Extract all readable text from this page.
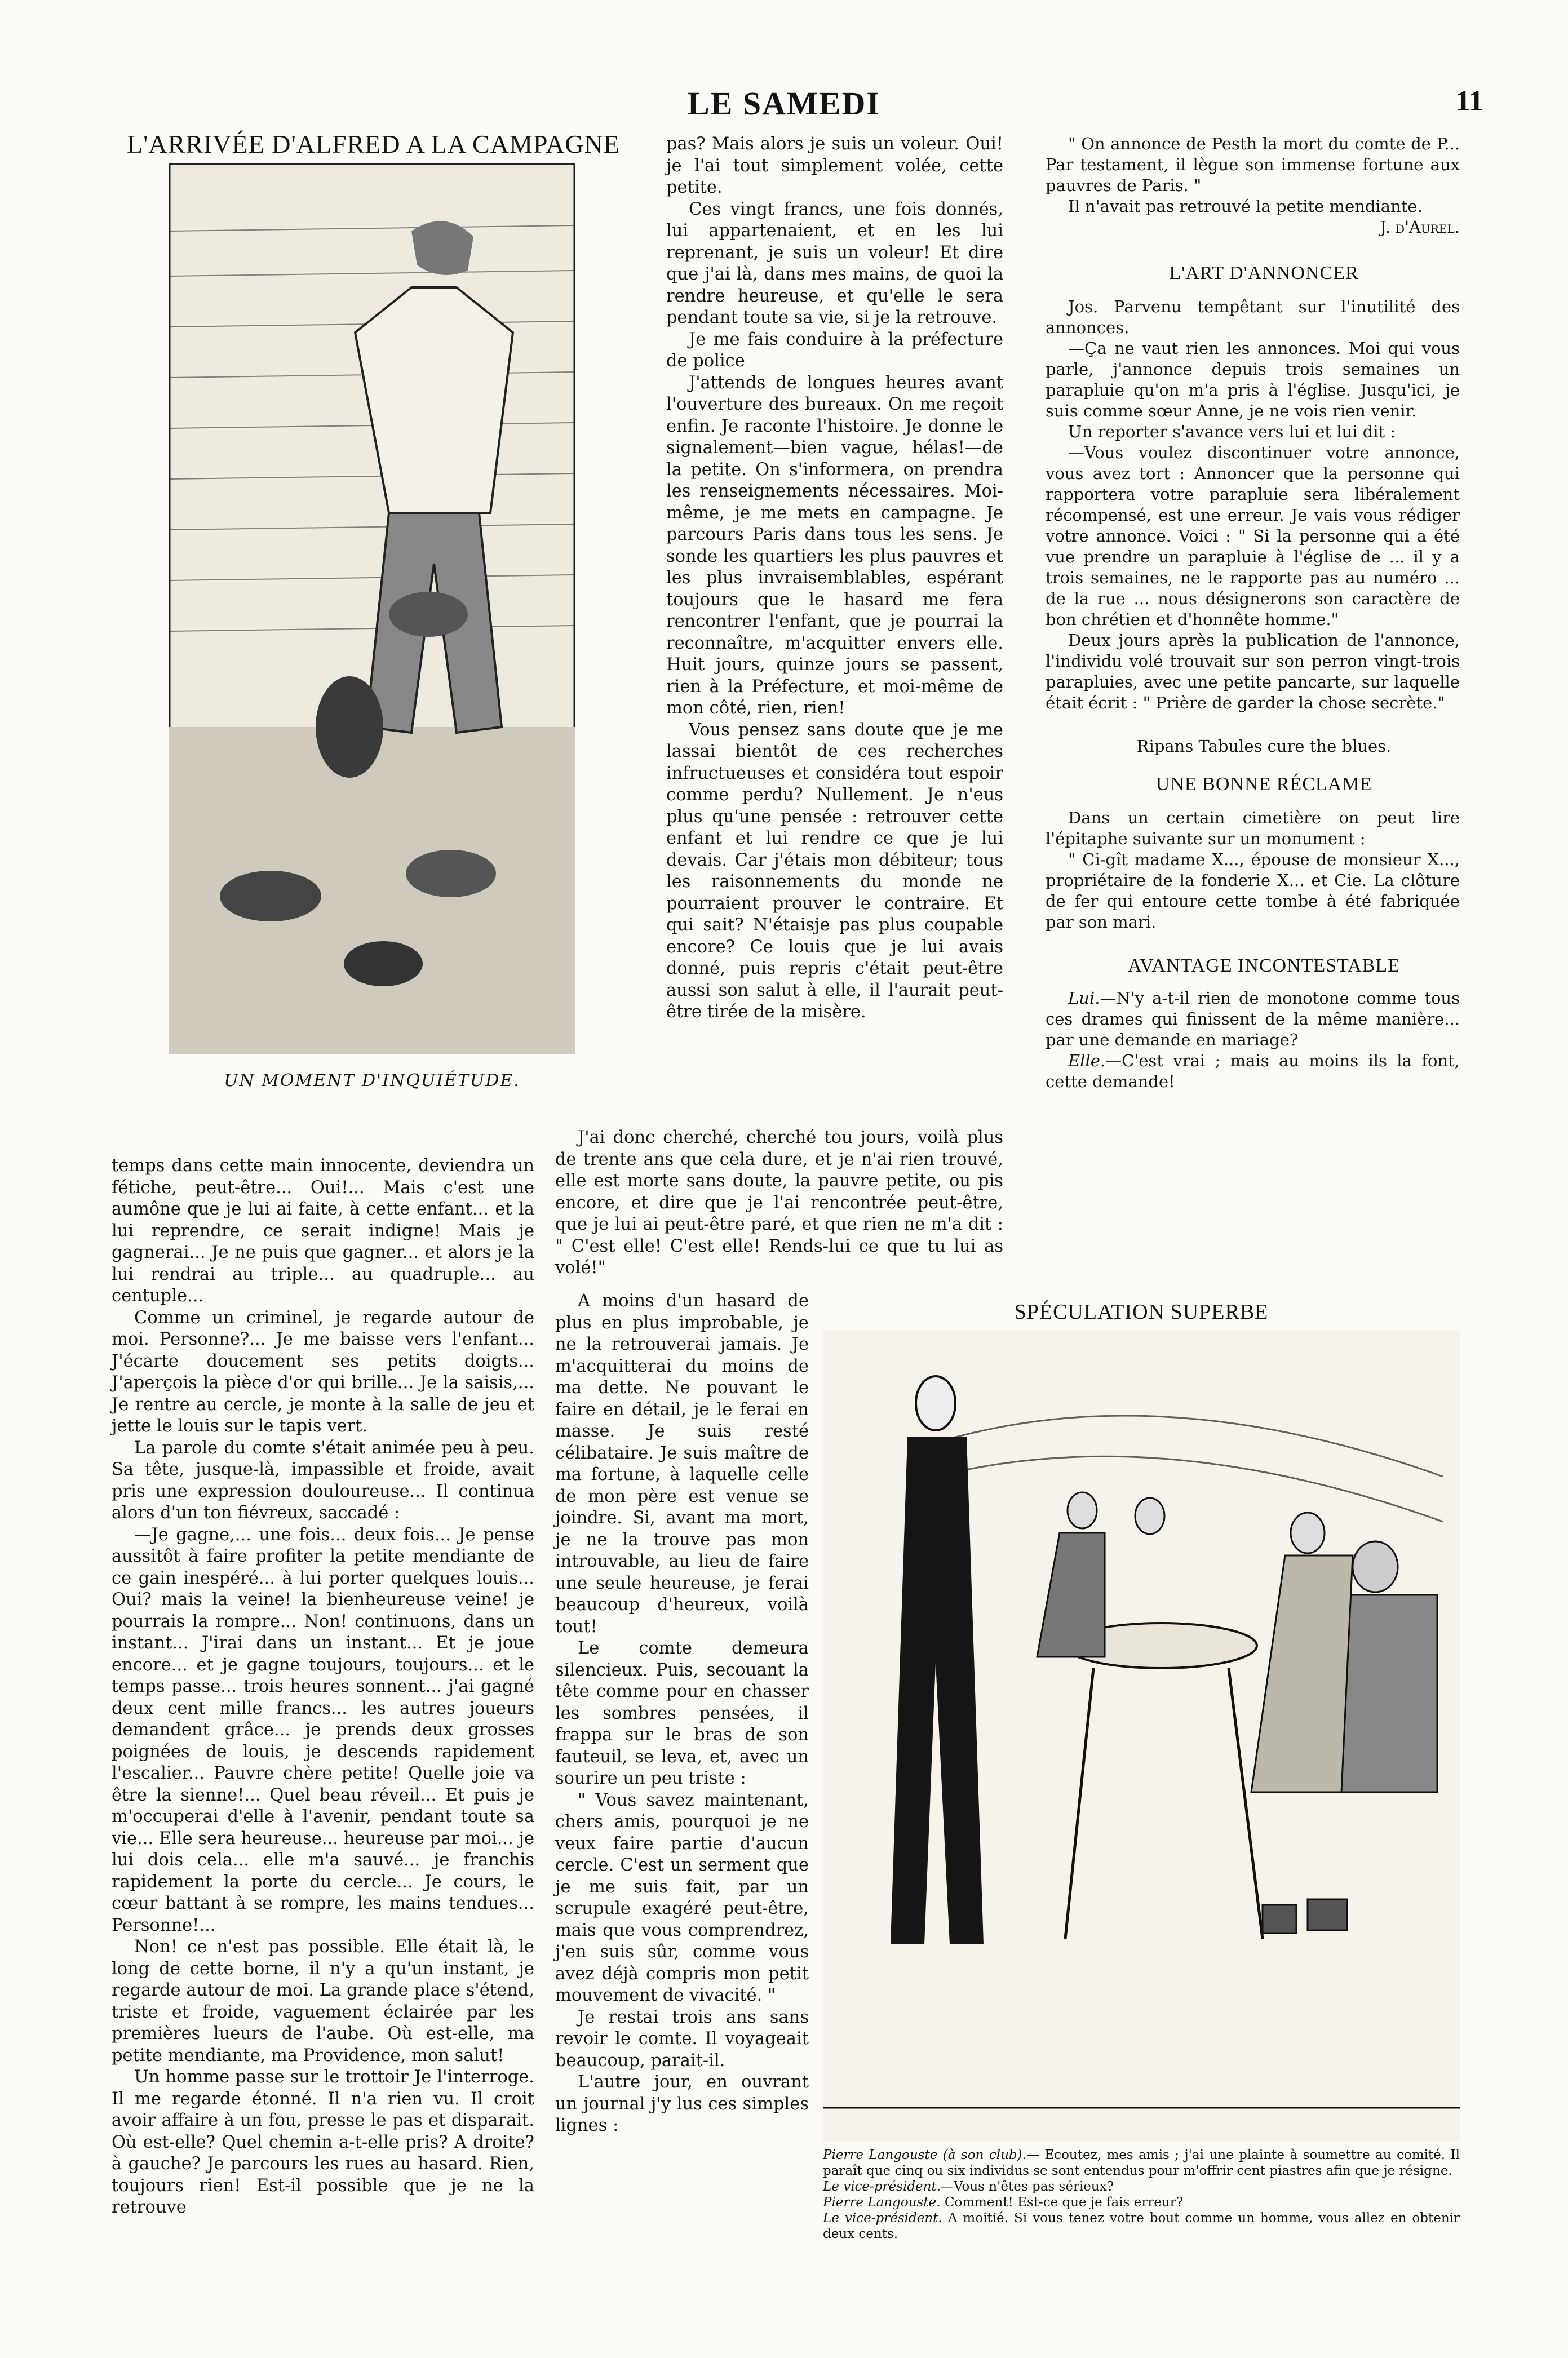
LE SAMEDI	11
L'ARRIVÉE D'ALFRED A LA CAMPAGNE
UN MOMENT D'INQUIÉTUDE.

temps dans cette main innocente, deviendra un fétiche, peut-être... Oui!... Mais c'est une aumône que je lui ai faite, à cette enfant... et la lui reprendre, ce serait indigne! Mais je gagnerai... Je ne puis que gagner... et alors je la lui rendrai au triple... au quadruple... au centuple...

Comme un criminel, je regarde autour de moi. Personne?... Je me baisse vers l'enfant... J'écarte doucement ses petits doigts... J'aperçois la pièce d'or qui brille... Je la saisis,... Je rentre au cercle, je monte à la salle de jeu et jette le louis sur le tapis vert.

La parole du comte s'était animée peu à peu. Sa tête, jusque-là, impassible et froide, avait pris une expression douloureuse... Il continua alors d'un ton fiévreux, saccadé :

—Je gagne,... une fois... deux fois... Je pense aussitôt à faire profiter la petite mendiante de ce gain inespéré... à lui porter quelques louis... Oui? mais la veine! la bienheureuse veine! je pourrais la rompre... Non! continuons, dans un instant... J'irai dans un instant... Et je joue encore... et je gagne toujours, toujours... et le temps passe... trois heures sonnent... j'ai gagné deux cent mille francs... les autres joueurs demandent grâce... je prends deux grosses poignées de louis, je descends rapidement l'escalier... Pauvre chère petite! Quelle joie va être la sienne!... Quel beau réveil... Et puis je m'occuperai d'elle à l'avenir, pendant toute sa vie... Elle sera heureuse... heureuse par moi... je lui dois cela... elle m'a sauvé... je franchis rapidement la porte du cercle... Je cours, le cœur battant à se rompre, les mains tendues... Personne!...

Non! ce n'est pas possible. Elle était là, le long de cette borne, il n'y a qu'un instant, je regarde autour de moi. La grande place s'étend, triste et froide, vaguement éclairée par les premières lueurs de l'aube. Où est-elle, ma petite mendiante, ma Providence, mon salut!

Un homme passe sur le trottoir Je l'interroge. Il me regarde étonné. Il n'a rien vu. Il croit avoir affaire à un fou, presse le pas et disparait. Où est-elle? Quel chemin a-t-elle pris? A droite? à gauche? Je parcours les rues au hasard. Rien, toujours rien! Est-il possible que je ne la retrouve

pas? Mais alors je suis un voleur. Oui! je l'ai tout simplement volée, cette petite.

Ces vingt francs, une fois donnés, lui appartenaient, et en les lui reprenant, je suis un voleur! Et dire que j'ai là, dans mes mains, de quoi la rendre heureuse, et qu'elle le sera pendant toute sa vie, si je la retrouve.

Je me fais conduire à la préfecture de police

J'attends de longues heures avant l'ouverture des bureaux. On me reçoit enfin. Je raconte l'histoire. Je donne le signalement—bien vague, hélas!—de la petite. On s'informera, on prendra les renseignements nécessaires. Moi-même, je me mets en campagne. Je parcours Paris dans tous les sens. Je sonde les quartiers les plus pauvres et les plus invraisemblables, espérant toujours que le hasard me fera rencontrer l'enfant, que je pourrai la reconnaître, m'acquitter envers elle. Huit jours, quinze jours se passent, rien à la Préfecture, et moi-même de mon côté, rien, rien!

Vous pensez sans doute que je me lassai bientôt de ces recherches infructueuses et considéra tout espoir comme perdu? Nullement. Je n'eus plus qu'une pensée : retrouver cette enfant et lui rendre ce que je lui devais. Car j'étais mon débiteur; tous les raisonnements du monde ne pourraient prouver le contraire. Et qui sait? N'étaisje pas plus coupable encore? Ce louis que je lui avais donné, puis repris c'était peut-être aussi son salut à elle, il l'aurait peut-être tirée de la misère.

J'ai donc cherché, cherché tou jours, voilà plus de trente ans que cela dure, et je n'ai rien trouvé, elle est morte sans doute, la pauvre petite, ou pis encore, et dire que je l'ai rencontrée peut-être, que je lui ai peut-être paré, et que rien ne m'a dit : " C'est elle! C'est elle! Rends-lui ce que tu lui as volé!"

A moins d'un hasard de plus en plus improbable, je ne la retrouverai jamais. Je m'acquitterai du moins de ma dette. Ne pouvant le faire en détail, je le ferai en masse. Je suis resté célibataire. Je suis maître de ma fortune, à laquelle celle de mon père est venue se joindre. Si, avant ma mort, je ne la trouve pas mon introuvable, au lieu de faire une seule heureuse, je ferai beaucoup d'heureux, voilà tout!

Le comte demeura silencieux. Puis, secouant la tête comme pour en chasser les sombres pensées, il frappa sur le bras de son fauteuil, se leva, et, avec un sourire un peu triste :

" Vous savez maintenant, chers amis, pourquoi je ne veux faire partie d'aucun cercle. C'est un serment que je me suis fait, par un scrupule exagéré peut-être, mais que vous comprendrez, j'en suis sûr, comme vous avez déjà compris mon petit mouvement de vivacité. "

Je restai trois ans sans revoir le comte. Il voyageait beaucoup, parait-il.

L'autre jour, en ouvrant un journal j'y lus ces simples lignes :

" On annonce de Pesth la mort du comte de P... Par testament, il lègue son immense fortune aux pauvres de Paris. "

Il n'avait pas retrouvé la petite mendiante.

J. d'Aurel.

L'ART D'ANNONCER

Jos. Parvenu tempêtant sur l'inutilité des annonces.

—Ça ne vaut rien les annonces. Moi qui vous parle, j'annonce depuis trois semaines un parapluie qu'on m'a pris à l'église. Jusqu'ici, je suis comme sœur Anne, je ne vois rien venir.

Un reporter s'avance vers lui et lui dit :

—Vous voulez discontinuer votre annonce, vous avez tort : Annoncer que la personne qui rapportera votre parapluie sera libéralement récompensé, est une erreur. Je vais vous rédiger votre annonce. Voici : " Si la personne qui a été vue prendre un parapluie à l'église de ... il y a trois semaines, ne le rapporte pas au numéro ... de la rue ... nous désignerons son caractère de bon chrétien et d'honnête homme."

Deux jours après la publication de l'annonce, l'individu volé trouvait sur son perron vingt-trois parapluies, avec une petite pancarte, sur laquelle était écrit : " Prière de garder la chose secrète."

Ripans Tabules cure the blues.

UNE BONNE RÉCLAME

Dans un certain cimetière on peut lire l'épitaphe suivante sur un monument :

" Ci-gît madame X..., épouse de monsieur X..., propriétaire de la fonderie X... et Cie. La clôture de fer qui entoure cette tombe à été fabriquée par son mari.

AVANTAGE INCONTESTABLE

Lui.—N'y a-t-il rien de monotone comme tous ces drames qui finissent de la même manière... par une demande en mariage?

Elle.—C'est vrai ; mais au moins ils la font, cette demande!

SPÉCULATION SUPERBE

Pierre Langouste (à son club).— Ecoutez, mes amis ; j'ai une plainte à soumettre au comité. Il paraît que cinq ou six individus se sont entendus pour m'offrir cent piastres afin que je résigne.

Le vice-président.—Vous n'êtes pas sérieux?

Pierre Langouste. Comment! Est-ce que je fais erreur?

Le vice-président. A moitié. Si vous tenez votre bout comme un homme, vous allez en obtenir deux cents.
